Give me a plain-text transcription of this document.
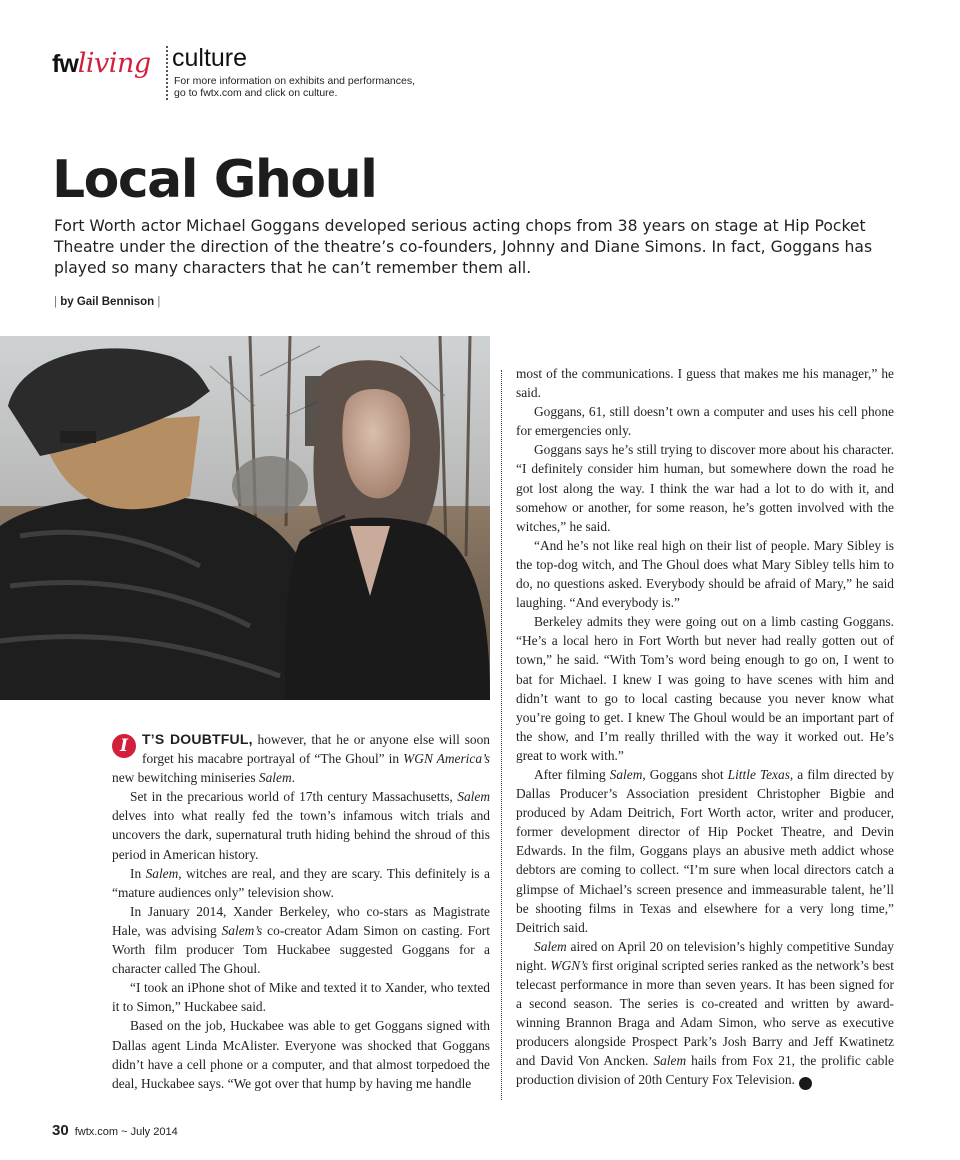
fwliving culture
For more information on exhibits and performances,
go to fwtx.com and click on culture.
Local Ghoul

Fort Worth actor Michael Goggans developed serious acting chops from 38 years on stage at Hip Pocket Theatre under the direction of the theatre’s co-founders, Johnny and Diane Simons. In fact, Goggans has played so many characters that he can’t remember them all.

| by Gail Bennison |

I	T’S DOUBTFUL, however, that he or anyone else will soon forget his macabre portrayal of “The Ghoul” in WGN America’s new bewitching miniseries Salem.

Set in the precarious world of 17th century Massachusetts, Salem delves into what really fed the town’s infamous witch trials and uncovers the dark, supernatural truth hiding behind the shroud of this period in American history.

In Salem, witches are real, and they are scary. This definitely is a “mature audiences only” television show.

In January 2014, Xander Berkeley, who co-stars as Magistrate Hale, was advising Salem’s co-creator Adam Simon on casting. Fort Worth film producer Tom Huckabee suggested Goggans for a character called The Ghoul.

“I took an iPhone shot of Mike and texted it to Xander, who texted it to Simon,” Huckabee said.

Based on the job, Huckabee was able to get Goggans signed with Dallas agent Linda McAlister. Everyone was shocked that Goggans didn’t have a cell phone or a computer, and that almost torpedoed the deal, Huckabee says. “We got over that hump by having me handle

most of the communications. I guess that makes me his manager,” he said.

Goggans, 61, still doesn’t own a computer and uses his cell phone for emergencies only.

Goggans says he’s still trying to discover more about his character. “I definitely consider him human, but somewhere down the road he got lost along the way. I think the war had a lot to do with it, and somehow or another, for some reason, he’s gotten involved with the witches,” he said.

“And he’s not like real high on their list of people. Mary Sibley is the top-dog witch, and The Ghoul does what Mary Sibley tells him to do, no questions asked. Everybody should be afraid of Mary,” he said laughing. “And everybody is.”

Berkeley admits they were going out on a limb casting Goggans. “He’s a local hero in Fort Worth but never had really gotten out of town,” he said. “With Tom’s word being enough to go on, I went to bat for Michael. I knew I was going to have scenes with him and didn’t want to go to local casting because you never know what you’re going to get. I knew The Ghoul would be an important part of the show, and I’m really thrilled with the way it worked out. He’s great to work with.”

After filming Salem, Goggans shot Little Texas, a film directed by Dallas Producer’s Association president Christopher Bigbie and produced by Adam Deitrich, Fort Worth actor, writer and producer, former development director of Hip Pocket Theatre, and Devin Edwards. In the film, Goggans plays an abusive meth addict whose debtors are coming to collect. “I’m sure when local directors catch a glimpse of Michael’s screen presence and immeasurable talent, he’ll be shooting films in Texas and elsewhere for a very long time,” Deitrich said.

Salem aired on April 20 on television’s highly competitive Sunday night. WGN’s first original scripted series ranked as the network’s best telecast performance in more than seven years. It has been signed for a second season. The series is co-created and written by award-winning Brannon Braga and Adam Simon, who serve as executive producers alongside Prospect Park’s Josh Barry and Jeff Kwatinetz and David Von Ancken. Salem hails from Fox 21, the prolific cable production division of 20th Century Fox Television.	fw

30 fwtx.com ~ July 2014
